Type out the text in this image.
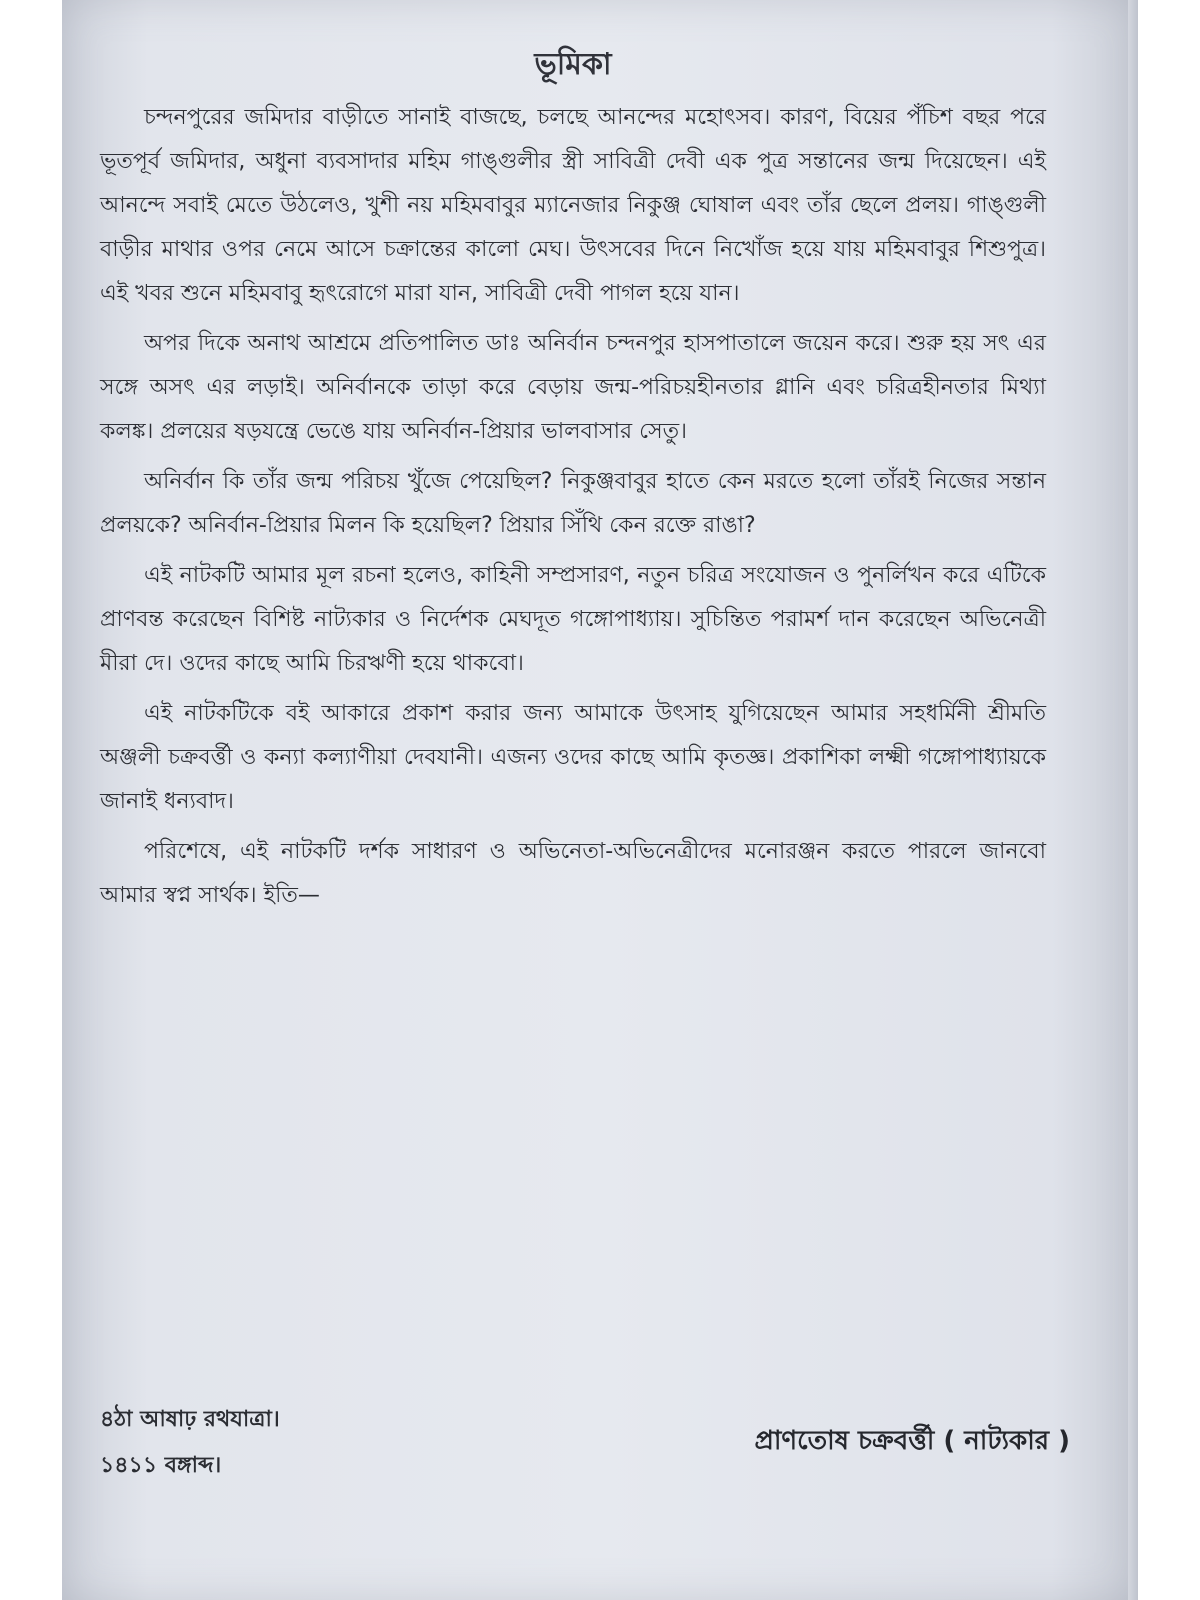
ভূমিকা

চন্দনপুরের জমিদার বাড়ীতে সানাই বাজছে, চলছে আনন্দের মহোৎসব। কারণ, বিয়ের পঁচিশ বছর পরে ভূতপূর্ব জমিদার, অধুনা ব্যবসাদার মহিম গাঙ্গুলীর স্ত্রী সাবিত্রী দেবী এক পুত্র সন্তানের জন্ম দিয়েছেন। এই আনন্দে সবাই মেতে উঠলেও, খুশী নয় মহিমবাবুর ম্যানেজার নিকুঞ্জ ঘোষাল এবং তাঁর ছেলে প্রলয়। গাঙ্গুলী বাড়ীর মাথার ওপর নেমে আসে চক্রান্তের কালো মেঘ। উৎসবের দিনে নিখোঁজ হয়ে যায় মহিমবাবুর শিশুপুত্র। এই খবর শুনে মহিমবাবু হৃৎরোগে মারা যান, সাবিত্রী দেবী পাগল হয়ে যান।

অপর দিকে অনাথ আশ্রমে প্রতিপালিত ডাঃ অনির্বান চন্দনপুর হাসপাতালে জয়েন করে। শুরু হয় সৎ এর সঙ্গে অসৎ এর লড়াই। অনির্বানকে তাড়া করে বেড়ায় জন্ম-পরিচয়হীনতার গ্লানি এবং চরিত্রহীনতার মিথ্যা কলঙ্ক। প্রলয়ের ষড়যন্ত্রে ভেঙে যায় অনির্বান-প্রিয়ার ভালবাসার সেতু।

অনির্বান কি তাঁর জন্ম পরিচয় খুঁজে পেয়েছিল? নিকুঞ্জবাবুর হাতে কেন মরতে হলো তাঁরই নিজের সন্তান প্রলয়কে? অনির্বান-প্রিয়ার মিলন কি হয়েছিল? প্রিয়ার সিঁথি কেন রক্তে রাঙা?

এই নাটকটি আমার মূল রচনা হলেও, কাহিনী সম্প্রসারণ, নতুন চরিত্র সংযোজন ও পুনর্লিখন করে এটিকে প্রাণবন্ত করেছেন বিশিষ্ট নাট্যকার ও নির্দেশক মেঘদূত গঙ্গোপাধ্যায়। সুচিন্তিত পরামর্শ দান করেছেন অভিনেত্রী মীরা দে। ওদের কাছে আমি চিরঋণী হয়ে থাকবো।

এই নাটকটিকে বই আকারে প্রকাশ করার জন্য আমাকে উৎসাহ যুগিয়েছেন আমার সহধর্মিনী শ্রীমতি অঞ্জলী চক্রবর্ত্তী ও কন্যা কল্যাণীয়া দেবযানী। এজন্য ওদের কাছে আমি কৃতজ্ঞ। প্রকাশিকা লক্ষ্মী গঙ্গোপাধ্যায়কে জানাই ধন্যবাদ।

পরিশেষে, এই নাটকটি দর্শক সাধারণ ও অভিনেতা-অভিনেত্রীদের মনোরঞ্জন করতে পারলে জানবো আমার স্বপ্ন সার্থক। ইতি—

৪ঠা আষাঢ় রথযাত্রা।
১৪১১ বঙ্গাব্দ।
প্রাণতোষ চক্রবর্ত্তী ( নাট্যকার )
